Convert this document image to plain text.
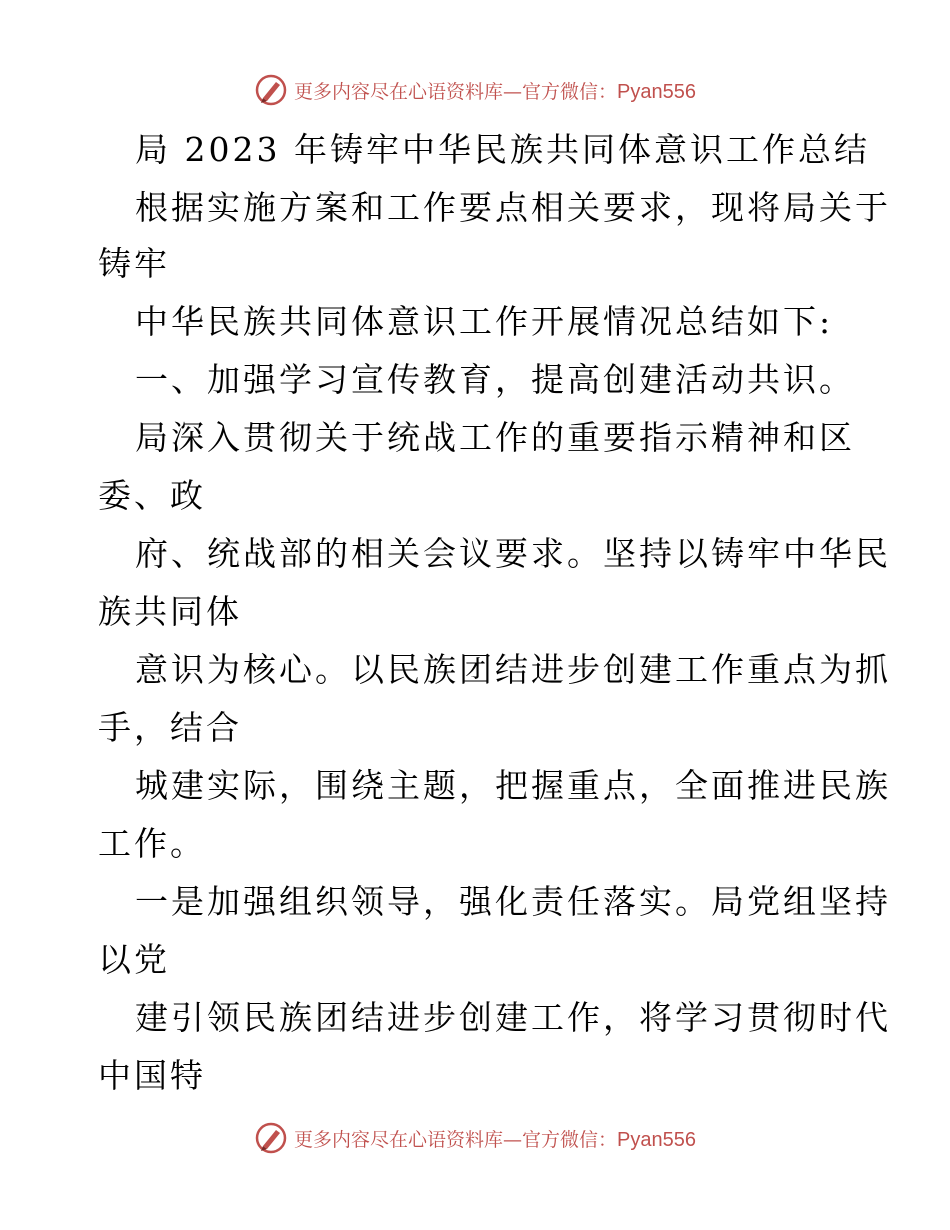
更多内容尽在心语资料库—官方微信：Pyan556
局 2023 年铸牢中华民族共同体意识工作总结
根据实施方案和工作要点相关要求，现将局关于
铸牢
中华民族共同体意识工作开展情况总结如下:
一、加强学习宣传教育，提高创建活动共识。
局深入贯彻关于统战工作的重要指示精神和区
委、政
府、统战部的相关会议要求。坚持以铸牢中华民
族共同体
意识为核心。以民族团结进步创建工作重点为抓
手，结合
城建实际，围绕主题，把握重点，全面推进民族
工作。
一是加强组织领导，强化责任落实。局党组坚持
以党
建引领民族团结进步创建工作，将学习贯彻时代
中国特
更多内容尽在心语资料库—官方微信：Pyan556
